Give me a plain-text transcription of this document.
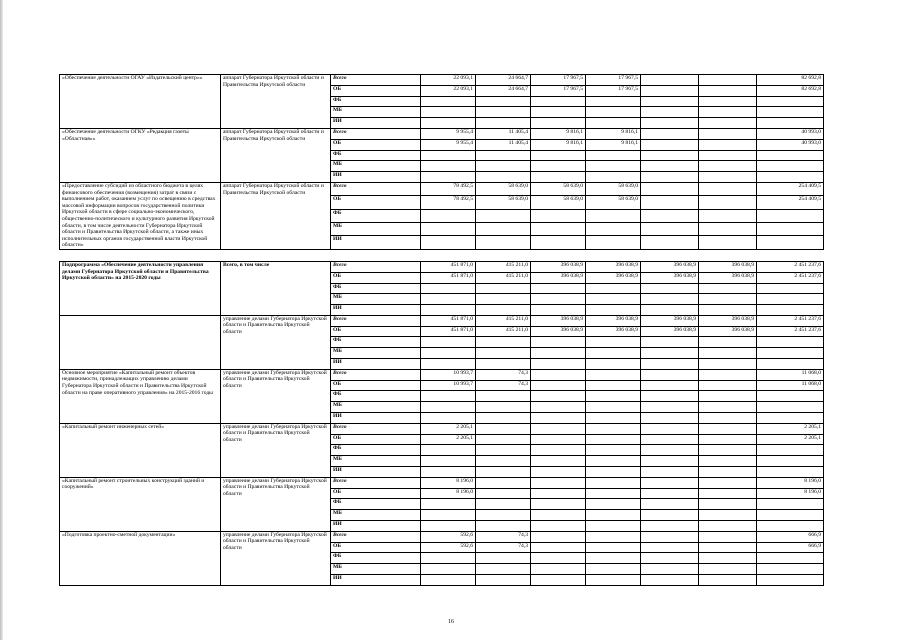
«Обеспечение деятельности ОГАУ «Издательский центр»»	аппарат Губернатора Иркутской области и Правительства Иркутской области	Всего	22 093,1	24 664,7	17 967,5	17 967,5			82 692,8
		ОБ	22 093,1	24 664,7	17 967,5	17 967,5			82 692,8
		ФБ							
		МБ							
		ИИ							
«Обеспечение деятельности ОГКУ «Редакция газеты «Областная»»	аппарат Губернатора Иркутской области и Правительства Иркутской области	Всего	9 955,4	11 405,4	9 816,1	9 816,1			40 993,0
		ОБ	9 955,4	11 405,4	9 816,1	9 816,1			40 993,0
		ФБ							
		МБ							
		ИИ							
«Предоставление субсидий из областного бюджета в целях финансового обеспечения (возмещения) затрат в связи с выполнением работ, оказанием услуг по освещению в средствах массовой информации вопросов государственной политики Иркутской области в сфере социально-экономического, общественно-политического и культурного развития Иркутской области, в том числе деятельности Губернатора Иркутской области и Правительства Иркутской области, а также иных исполнительных органов государственной власти Иркутской области»	аппарат Губернатора Иркутской области и Правительства Иркутской области	Всего	78 492,5	58 639,0	58 639,0	58 639,0			254 409,5
		ОБ	78 492,5	58 639,0	58 639,0	58 639,0			254 409,5
		ФБ							
		МБ							
		ИИ							

Подпрограмма «Обеспечение деятельности управления делами Губернатора Иркутской области и Правительства Иркутской области» на 2015-2020 годы	Всего, в том числе	Всего	451 871,0	415 211,0	396 038,9	396 038,9	396 038,9	396 038,9	2 451 237,6
		ОБ	451 871,0	415 211,0	396 038,9	396 038,9	396 038,9	396 038,9	2 451 237,6
		ФБ							
		МБ							
		ИИ							
	управление делами Губернатора Иркутской области и Правительства Иркутской области	Всего	451 871,0	415 211,0	396 038,9	396 038,9	396 038,9	396 038,9	2 451 237,6
		ОБ	451 871,0	415 211,0	396 038,9	396 038,9	396 038,9	396 038,9	2 451 237,6
		ФБ							
		МБ							
		ИИ							
Основное мероприятие «Капитальный ремонт объектов недвижимости, принадлежащих управлению делами Губернатора Иркутской области и Правительства Иркутской области на праве оперативного управления» на 2015-2016 годы	управление делами Губернатора Иркутской области и Правительства Иркутской области	Всего	10 993,7	74,3					11 068,0
		ОБ	10 993,7	74,3					11 068,0
		ФБ							
		МБ							
		ИИ							
«Капитальный ремонт инженерных сетей»	управление делами Губернатора Иркутской области и Правительства Иркутской области	Всего	2 205,1						2 205,1
		ОБ	2 205,1						2 205,1
		ФБ							
		МБ							
		ИИ							
«Капитальный ремонт строительных конструкций зданий и сооружений»	управление делами Губернатора Иркутской области и Правительства Иркутской области	Всего	8 196,0						8 196,0
		ОБ	8 196,0						8 196,0
		ФБ							
		МБ							
		ИИ							
«Подготовка проектно-сметной документации»	управление делами Губернатора Иркутской области и Правительства Иркутской области	Всего	592,6	74,3					666,9
		ОБ	592,6	74,3					666,9
		ФБ							
		МБ							
		ИИ							
16
